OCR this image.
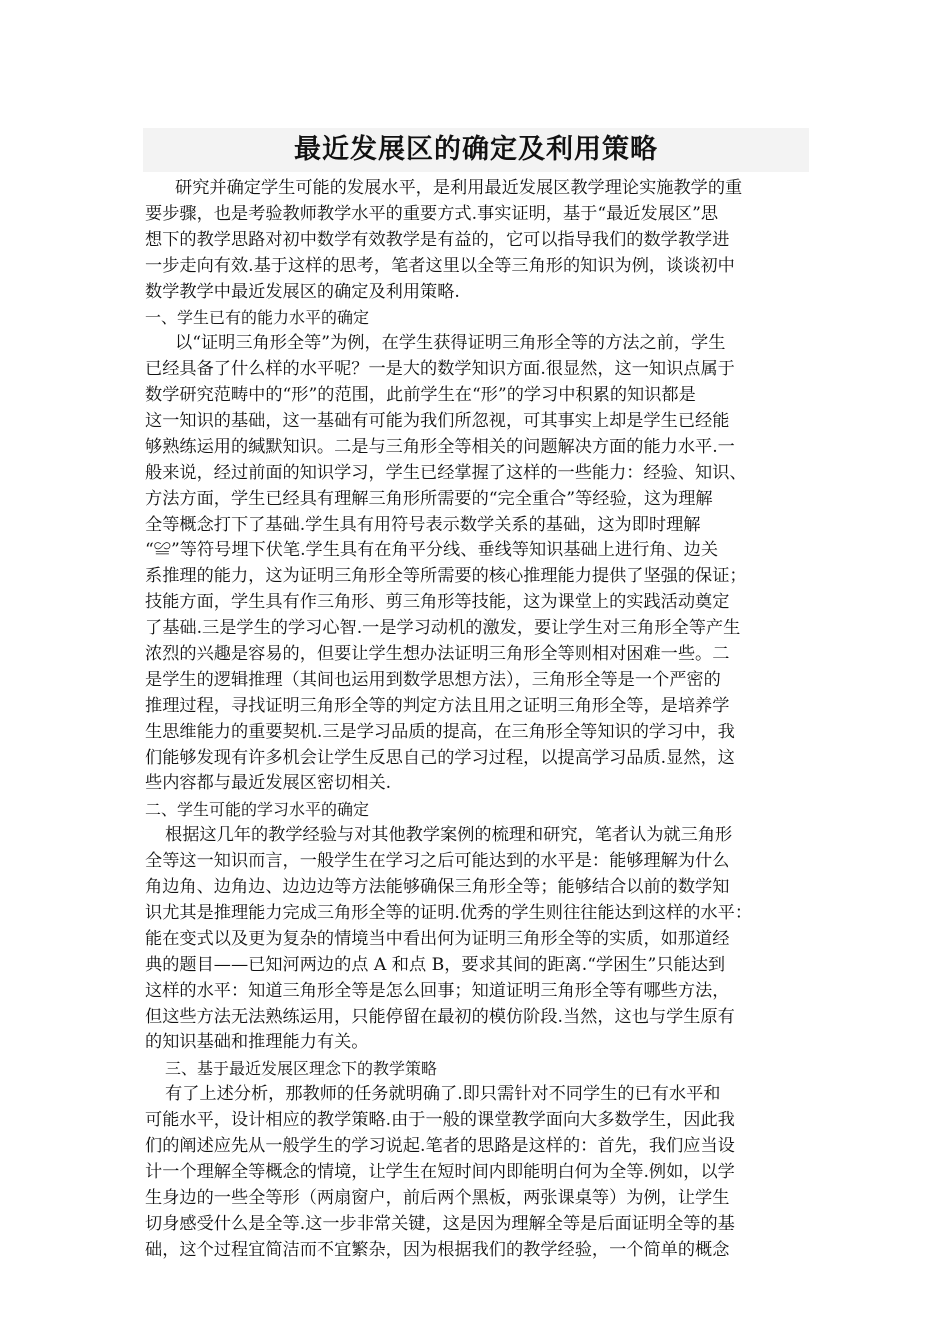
最近发展区的确定及利用策略
研究并确定学生可能的发展水平，是利用最近发展区教学理论实施教学的重
要步骤，也是考验教师教学水平的重要方式.事实证明，基于“最近发展区”思
想下的教学思路对初中数学有效教学是有益的，它可以指导我们的数学教学进
一步走向有效.基于这样的思考，笔者这里以全等三角形的知识为例，谈谈初中
数学教学中最近发展区的确定及利用策略.
一、学生已有的能力水平的确定
以“证明三角形全等”为例，在学生获得证明三角形全等的方法之前，学生
已经具备了什么样的水平呢？一是大的数学知识方面.很显然，这一知识点属于
数学研究范畴中的“形”的范围，此前学生在“形”的学习中积累的知识都是
这一知识的基础，这一基础有可能为我们所忽视，可其事实上却是学生已经能
够熟练运用的缄默知识。二是与三角形全等相关的问题解决方面的能力水平.一
般来说，经过前面的知识学习，学生已经掌握了这样的一些能力：经验、知识、
方法方面，学生已经具有理解三角形所需要的“完全重合”等经验，这为理解
全等概念打下了基础.学生具有用符号表示数学关系的基础，这为即时理解
“≌”等符号埋下伏笔.学生具有在角平分线、垂线等知识基础上进行角、边关
系推理的能力，这为证明三角形全等所需要的核心推理能力提供了坚强的保证；
技能方面，学生具有作三角形、剪三角形等技能，这为课堂上的实践活动奠定
了基础.三是学生的学习心智.一是学习动机的激发，要让学生对三角形全等产生
浓烈的兴趣是容易的，但要让学生想办法证明三角形全等则相对困难一些。二
是学生的逻辑推理（其间也运用到数学思想方法），三角形全等是一个严密的
推理过程，寻找证明三角形全等的判定方法且用之证明三角形全等，是培养学
生思维能力的重要契机.三是学习品质的提高，在三角形全等知识的学习中，我
们能够发现有许多机会让学生反思自己的学习过程，以提高学习品质.显然，这
些内容都与最近发展区密切相关.
二、学生可能的学习水平的确定
根据这几年的教学经验与对其他教学案例的梳理和研究，笔者认为就三角形
全等这一知识而言，一般学生在学习之后可能达到的水平是：能够理解为什么
角边角、边角边、边边边等方法能够确保三角形全等；能够结合以前的数学知
识尤其是推理能力完成三角形全等的证明.优秀的学生则往往能达到这样的水平：
能在变式以及更为复杂的情境当中看出何为证明三角形全等的实质，如那道经
典的题目——已知河两边的点 A 和点 B，要求其间的距离.“学困生”只能达到
这样的水平：知道三角形全等是怎么回事；知道证明三角形全等有哪些方法，
但这些方法无法熟练运用，只能停留在最初的模仿阶段.当然，这也与学生原有
的知识基础和推理能力有关。
三、基于最近发展区理念下的教学策略
有了上述分析，那教师的任务就明确了.即只需针对不同学生的已有水平和
可能水平，设计相应的教学策略.由于一般的课堂教学面向大多数学生，因此我
们的阐述应先从一般学生的学习说起.笔者的思路是这样的：首先，我们应当设
计一个理解全等概念的情境，让学生在短时间内即能明白何为全等.例如，以学
生身边的一些全等形（两扇窗户，前后两个黑板，两张课桌等）为例，让学生
切身感受什么是全等.这一步非常关键，这是因为理解全等是后面证明全等的基
础，这个过程宜简洁而不宜繁杂，因为根据我们的教学经验，一个简单的概念
